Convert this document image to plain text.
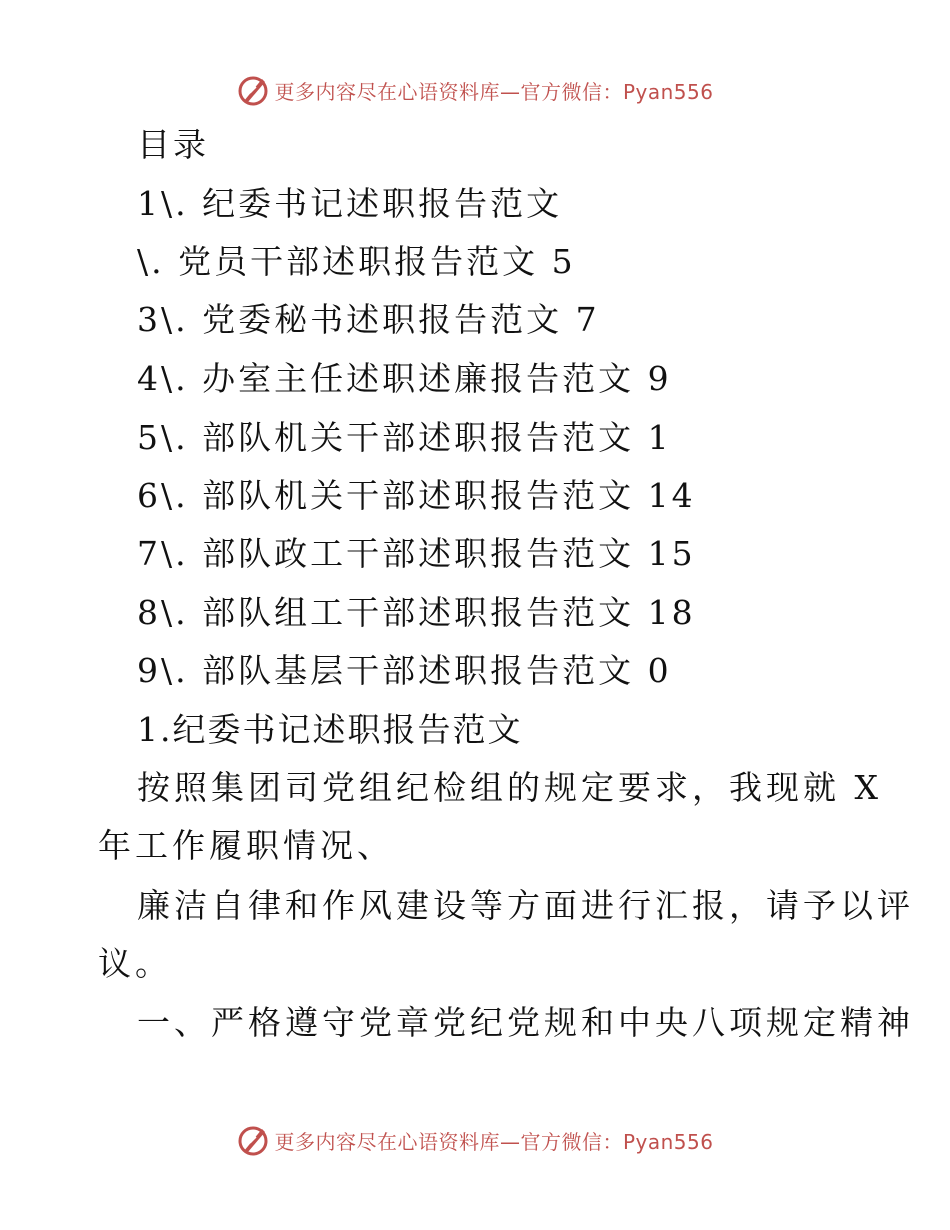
更多内容尽在心语资料库—官方微信：Pyan556
目录
1\. 纪委书记述职报告范文
\. 党员干部述职报告范文 5
3\. 党委秘书述职报告范文 7
4\. 办室主任述职述廉报告范文 9
5\. 部队机关干部述职报告范文 1
6\. 部队机关干部述职报告范文 14
7\. 部队政工干部述职报告范文 15
8\. 部队组工干部述职报告范文 18
9\. 部队基层干部述职报告范文 0
1.纪委书记述职报告范文
按照集团司党组纪检组的规定要求，我现就 X
年工作履职情况、
廉洁自律和作风建设等方面进行汇报，请予以评
议。
一、严格遵守党章党纪党规和中央八项规定精神
更多内容尽在心语资料库—官方微信：Pyan556
